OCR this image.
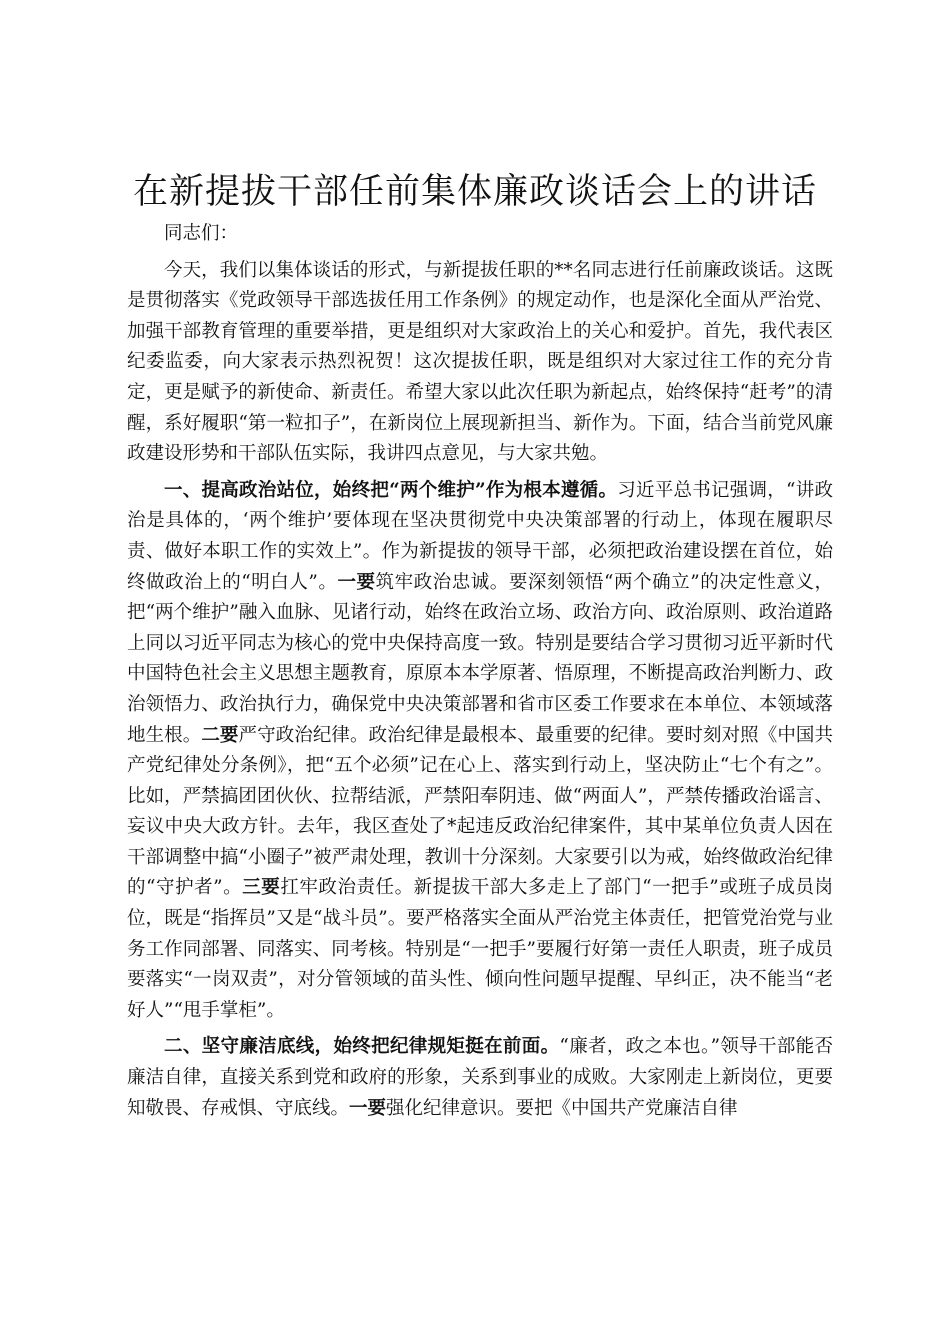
在新提拔干部任前集体廉政谈话会上的讲话

同志们：

今天，我们以集体谈话的形式，与新提拔任职的**名同志进行任前廉政谈话。这既是贯彻落实《党政领导干部选拔任用工作条例》的规定动作，也是深化全面从严治党、加强干部教育管理的重要举措，更是组织对大家政治上的关心和爱护。首先，我代表区纪委监委，向大家表示热烈祝贺！这次提拔任职，既是组织对大家过往工作的充分肯定，更是赋予的新使命、新责任。希望大家以此次任职为新起点，始终保持“赶考”的清醒，系好履职“第一粒扣子”，在新岗位上展现新担当、新作为。下面，结合当前党风廉政建设形势和干部队伍实际，我讲四点意见，与大家共勉。

一、提高政治站位，始终把“两个维护”作为根本遵循。习近平总书记强调，“讲政治是具体的，‘两个维护’要体现在坚决贯彻党中央决策部署的行动上，体现在履职尽责、做好本职工作的实效上”。作为新提拔的领导干部，必须把政治建设摆在首位，始终做政治上的“明白人”。一要筑牢政治忠诚。要深刻领悟“两个确立”的决定性意义，把“两个维护”融入血脉、见诸行动，始终在政治立场、政治方向、政治原则、政治道路上同以习近平同志为核心的党中央保持高度一致。特别是要结合学习贯彻习近平新时代中国特色社会主义思想主题教育，原原本本学原著、悟原理，不断提高政治判断力、政治领悟力、政治执行力，确保党中央决策部署和省市区委工作要求在本单位、本领域落地生根。二要严守政治纪律。政治纪律是最根本、最重要的纪律。要时刻对照《中国共产党纪律处分条例》，把“五个必须”记在心上、落实到行动上，坚决防止“七个有之”。比如，严禁搞团团伙伙、拉帮结派，严禁阳奉阴违、做“两面人”，严禁传播政治谣言、妄议中央大政方针。去年，我区查处了*起违反政治纪律案件，其中某单位负责人因在干部调整中搞“小圈子”被严肃处理，教训十分深刻。大家要引以为戒，始终做政治纪律的“守护者”。三要扛牢政治责任。新提拔干部大多走上了部门“一把手”或班子成员岗位，既是“指挥员”又是“战斗员”。要严格落实全面从严治党主体责任，把管党治党与业务工作同部署、同落实、同考核。特别是“一把手”要履行好第一责任人职责，班子成员要落实“一岗双责”，对分管领域的苗头性、倾向性问题早提醒、早纠正，决不能当“老好人”“甩手掌柜”。

二、坚守廉洁底线，始终把纪律规矩挺在前面。“廉者，政之本也。”领导干部能否廉洁自律，直接关系到党和政府的形象，关系到事业的成败。大家刚走上新岗位，更要知敬畏、存戒惧、守底线。一要强化纪律意识。要把《中国共产党廉洁自律
